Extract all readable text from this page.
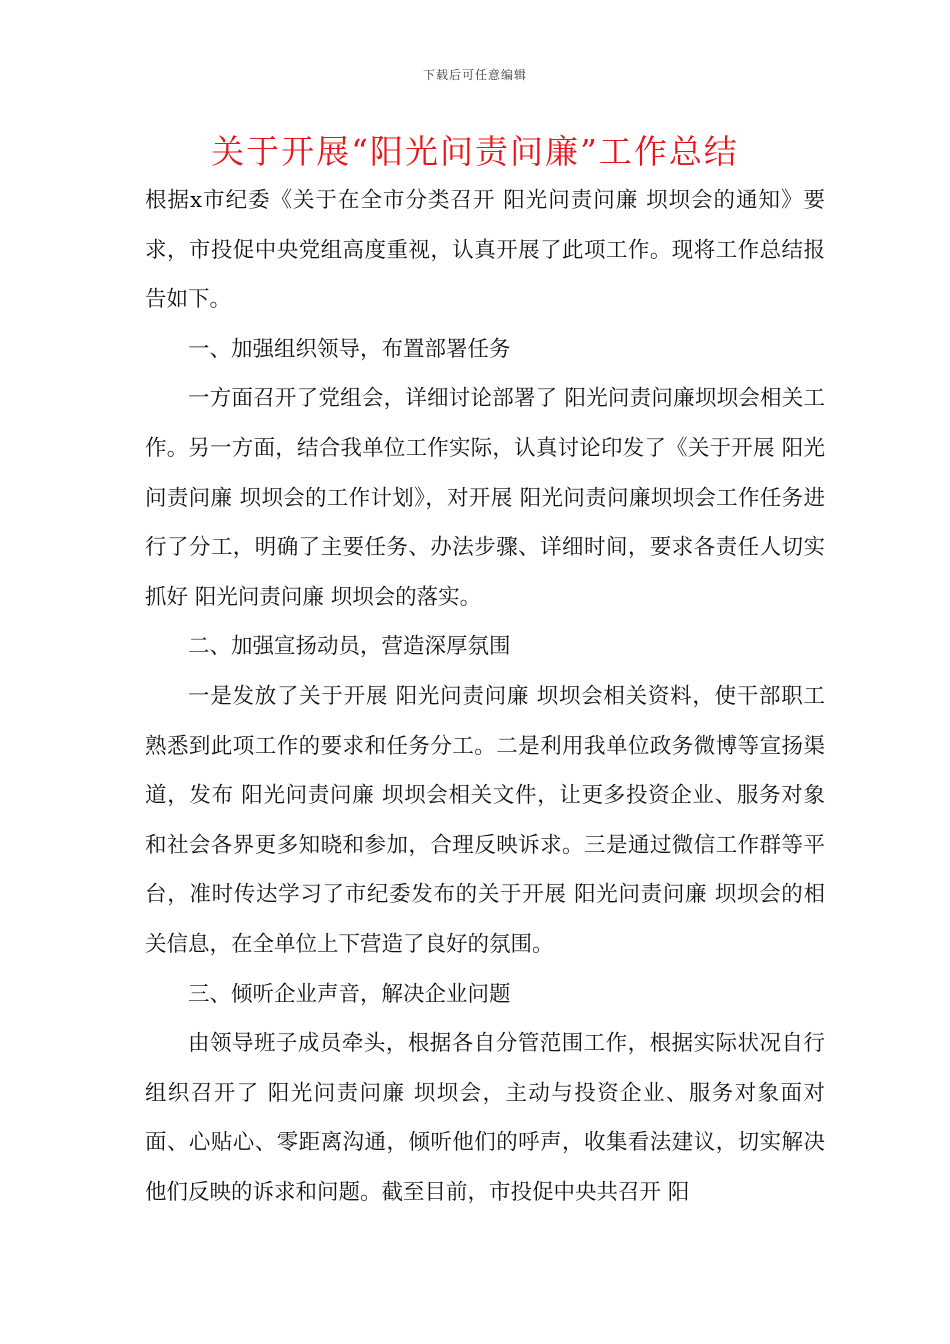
下载后可任意编辑
关于开展“阳光问责问廉”工作总结

根据x市纪委《关于在全市分类召开 阳光问责问廉 坝坝会的通知》要求，市投促中央党组高度重视，认真开展了此项工作。现将工作总结报告如下。

一、加强组织领导，布置部署任务

一方面召开了党组会，详细讨论部署了 阳光问责问廉坝坝会相关工作。另一方面，结合我单位工作实际，认真讨论印发了《关于开展 阳光问责问廉 坝坝会的工作计划》，对开展 阳光问责问廉坝坝会工作任务进行了分工，明确了主要任务、办法步骤、详细时间，要求各责任人切实抓好 阳光问责问廉 坝坝会的落实。

二、加强宣扬动员，营造深厚氛围

一是发放了关于开展 阳光问责问廉 坝坝会相关资料，使干部职工熟悉到此项工作的要求和任务分工。二是利用我单位政务微博等宣扬渠道，发布 阳光问责问廉 坝坝会相关文件，让更多投资企业、服务对象和社会各界更多知晓和参加，合理反映诉求。三是通过微信工作群等平台，准时传达学习了市纪委发布的关于开展 阳光问责问廉 坝坝会的相关信息，在全单位上下营造了良好的氛围。

三、倾听企业声音，解决企业问题

由领导班子成员牵头，根据各自分管范围工作，根据实际状况自行组织召开了 阳光问责问廉 坝坝会，主动与投资企业、服务对象面对面、心贴心、零距离沟通，倾听他们的呼声，收集看法建议，切实解决他们反映的诉求和问题。截至目前，市投促中央共召开 阳
